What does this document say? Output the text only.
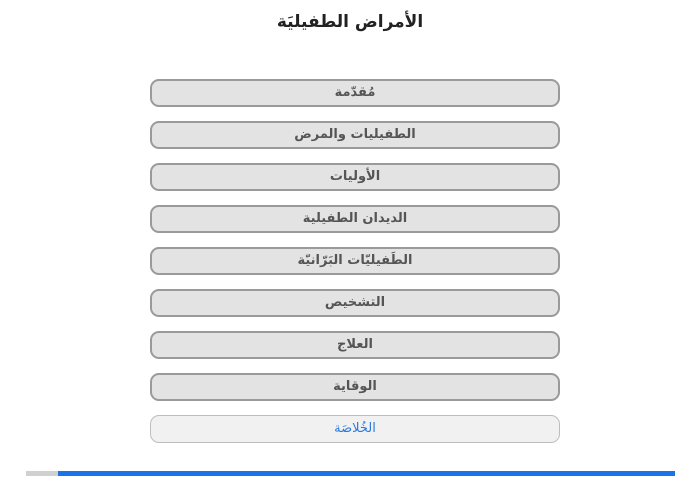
الأمراض الطفيليَة
مُقدّمة
الطفيليات والمرض
الأوليات
الديدان الطفيلية
الطَفيليّات البَرّانيّة
التشخيص
العلاج
الوقاية
الخُلاصَة
